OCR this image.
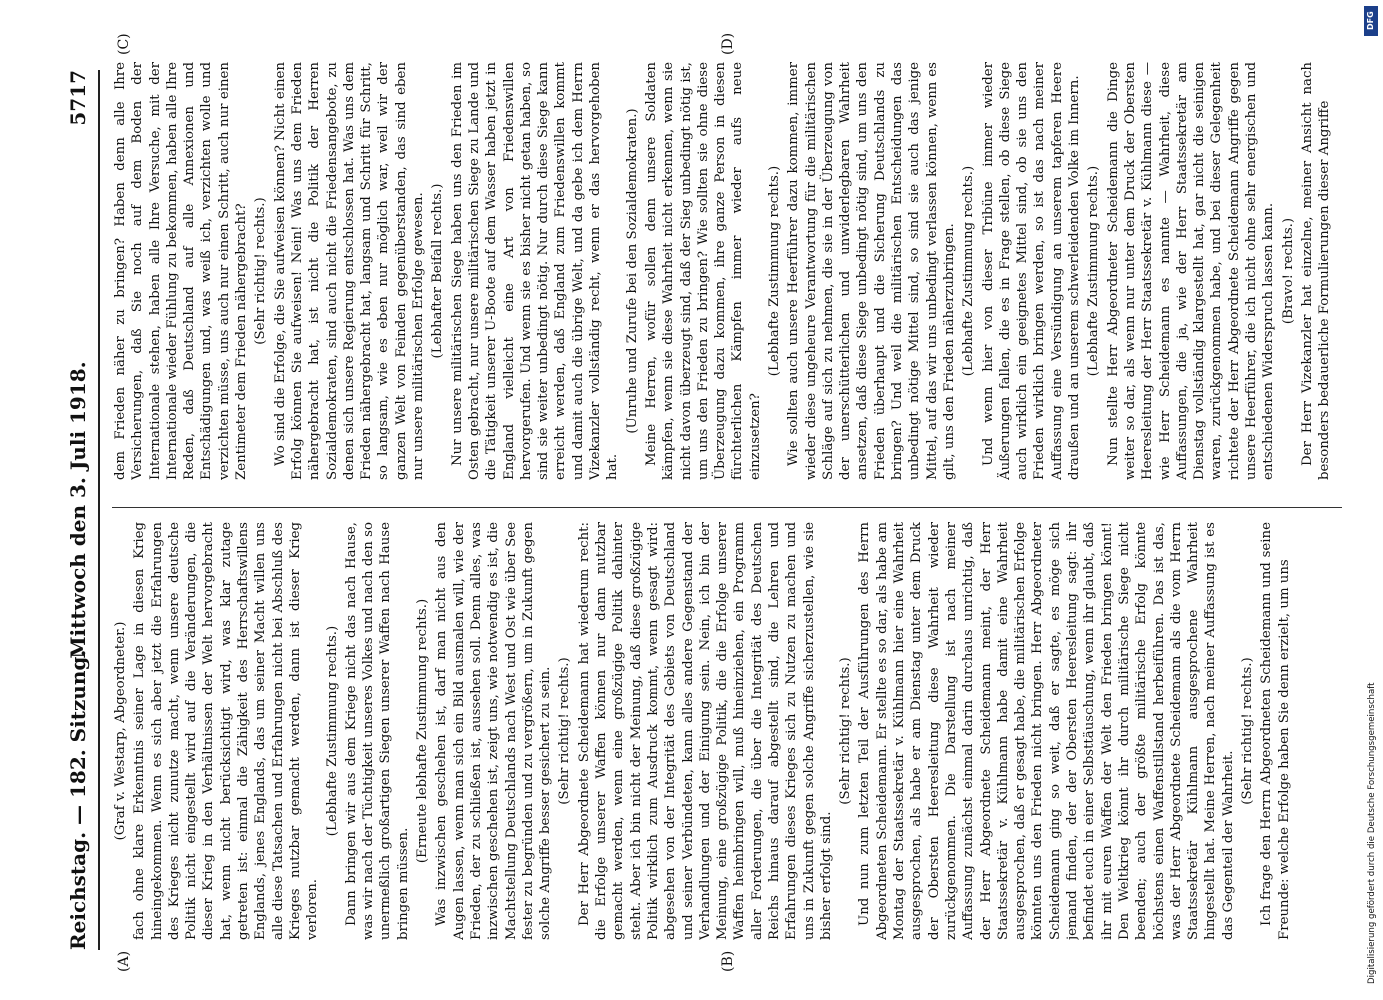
Reichstag. — 182. Sitzung.
Mittwoch den 3. Juli 1918.
5717
(A)	(B)
(C)	(D)

(Graf v. Westarp, Abgeordneter.) fach ohne klare Erkenntnis seiner Lage in diesen Krieg hineingekommen. Wenn es sich aber jetzt die Erfahrungen des Krieges nicht zunutze macht, wenn unsere deutsche Politik nicht eingestellt wird auf die Veränderungen, die dieser Krieg in den Verhältnissen der Welt hervorgebracht hat, wenn nicht berücksichtigt wird, was klar zutage getreten ist: einmal die Zähigkeit des Herrschaftswillens Englands, jenes Englands, das um seiner Macht willen uns alle diese Tatsachen und Erfahrungen nicht bei Abschluß des Krieges nutzbar gemacht werden, dann ist dieser Krieg verloren.

(Lebhafte Zustimmung rechts.) Dann bringen wir aus dem Kriege nicht das nach Hause, was wir nach der Tüchtigkeit unseres Volkes und nach den so unermeßlich großartigen Siegen unserer Waffen nach Hause bringen müssen.

(Erneute lebhafte Zustimmung rechts.) Was inzwischen geschehen ist, darf man nicht aus den Augen lassen, wenn man sich ein Bild ausmalen will, wie der Frieden, der zu schließen ist, aussehen soll. Denn alles, was inzwischen geschehen ist, zeigt uns, wie notwendig es ist, die Machtstellung Deutschlands nach West und Ost wie über See fester zu begründen und zu vergrößern, um in Zukunft gegen solche Angriffe besser gesichert zu sein. (Sehr richtig! rechts.) Der Herr Abgeordnete Scheidemann hat wiederum recht: die Erfolge unserer Waffen können nur dann nutzbar gemacht werden, wenn eine großzügige Politik dahinter steht. Aber ich bin nicht der Meinung, daß diese großzügige Politik wirklich zum Ausdruck kommt, wenn gesagt wird: abgesehen von der Integrität des Gebiets von Deutschland und seiner Verbündeten, kann alles andere Gegenstand der Verhandlungen und der Einigung sein. Nein, ich bin der Meinung, eine großzügige Politik, die die Erfolge unserer Waffen heimbringen will, muß hineinziehen, ein Programm aller Forderungen, die über die Integrität des Deutschen Reichs hinaus darauf abgestellt sind, die Lehren und Erfahrungen dieses Krieges sich zu Nutzen zu machen und uns in Zukunft gegen solche Angriffe sicherzustellen, wie sie bisher erfolgt sind.

(Sehr richtig! rechts.) Und nun zum letzten Teil der Ausführungen des Herrn Abgeordneten Scheidemann. Er stellte es so dar, als habe am Montag der Staatssekretär v. Kühlmann hier eine Wahrheit ausgesprochen, als habe er am Dienstag unter dem Druck der Obersten Heeresleitung diese Wahrheit wieder zurückgenommen. Die Darstellung ist nach meiner Auffassung zunächst einmal darin durchaus unrichtig, daß der Herr Abgeordnete Scheidemann meint, der Herr Staatssekretär v. Kühlmann habe damit eine Wahrheit ausgesprochen, daß er gesagt habe, die militärischen Erfolge könnten uns den Frieden nicht bringen. Herr Abgeordneter Scheidemann ging so weit, daß er sagte, es möge sich jemand finden, der der Obersten Heeresleitung sagt: ihr befindet euch in einer Selbsttäuschung, wenn ihr glaubt, daß ihr mit euren Waffen der Welt den Frieden bringen könnt! Den Weltkrieg könnt ihr durch militärische Siege nicht beenden; auch der größte militärische Erfolg könnte höchstens einen Waffenstillstand herbeiführen. Das ist das, was der Herr Abgeordnete Scheidemann als die vom Herrn Staatssekretär Kühlmann ausgesprochene Wahrheit hingestellt hat. Meine Herren, nach meiner Auffassung ist es das Gegenteil der Wahrheit.

(Sehr richtig! rechts.) Ich frage den Herrn Abgeordneten Scheidemann und seine Freunde: welche Erfolge haben Sie denn erzielt, um uns

dem Frieden näher zu bringen? Haben denn alle Ihre Versicherungen, daß Sie noch auf dem Boden der Internationale stehen, haben alle Ihre Versuche, mit der Internationale wieder Fühlung zu bekommen, haben alle Ihre Reden, daß Deutschland auf alle Annexionen und Entschädigungen und, was weiß ich, verzichten wolle und verzichten müsse, uns auch nur einen Schritt, auch nur einen Zentimeter dem Frieden nähergebracht? (Sehr richtig! rechts.) Wo sind die Erfolge, die Sie aufweisen können? Nicht einen Erfolg können Sie aufweisen! Nein! Was uns dem Frieden nähergebracht hat, ist nicht die Politik der Herren Sozialdemokraten, sind auch nicht die Friedensangebote, zu denen sich unsere Regierung entschlossen hat. Was uns dem Frieden nähergebracht hat, langsam und Schritt für Schritt, so langsam, wie es eben nur möglich war, weil wir der ganzen Welt von Feinden gegenüberstanden, das sind eben nur unsere militärischen Erfolge gewesen. (Lebhafter Beifall rechts.) Nur unsere militärischen Siege haben uns den Frieden im Osten gebracht, nur unsere militärischen Siege zu Lande und die Tätigkeit unserer U-Boote auf dem Wasser haben jetzt in England vielleicht eine Art von Friedenswillen hervorgerufen. Und wenn sie es bisher nicht getan haben, so sind sie weiter unbedingt nötig. Nur durch diese Siege kann erreicht werden, daß England zum Friedenswillen kommt und damit auch die übrige Welt, und da gebe ich dem Herrn Vizekanzler vollständig recht, wenn er das hervorgehoben hat.

(Unruhe und Zurufe bei den Sozialdemokraten.) Meine Herren, wofür sollen denn unsere Soldaten kämpfen, wenn sie diese Wahrheit nicht erkennen, wenn sie nicht davon überzeugt sind, daß der Sieg unbedingt nötig ist, um uns den Frieden zu bringen? Wie sollten sie ohne diese Überzeugung dazu kommen, ihre ganze Person in diesen fürchterlichen Kämpfen immer wieder aufs neue einzusetzen?

(Lebhafte Zustimmung rechts.) Wie sollten auch unsere Heerführer dazu kommen, immer wieder diese ungeheure Verantwortung für die militärischen Schläge auf sich zu nehmen, die sie in der Überzeugung von der unerschütterlichen und unwiderlegbaren Wahrheit ansetzen, daß diese Siege unbedingt nötig sind, um uns den Frieden überhaupt und die Sicherung Deutschlands zu bringen? Und weil die militärischen Entscheidungen das unbedingt nötige Mittel sind, so sind sie auch das jenige Mittel, auf das wir uns unbedingt verlassen können, wenn es gilt, uns den Frieden näherzubringen. (Lebhafte Zustimmung rechts.) Und wenn hier von dieser Tribüne immer wieder Äußerungen fallen, die es in Frage stellen, ob diese Siege auch wirklich ein geeignetes Mittel sind, ob sie uns den Frieden wirklich bringen werden, so ist das nach meiner Auffassung eine Versündigung an unserem tapferen Heere draußen und an unserem schwerleidenden Volke im Innern. (Lebhafte Zustimmung rechts.) Nun stellte Herr Abgeordneter Scheidemann die Dinge weiter so dar, als wenn nur unter dem Druck der Obersten Heeresleitung der Herr Staatssekretär v. Kühlmann diese — wie Herr Scheidemann es nannte — Wahrheit, diese Auffassungen, die ja, wie der Herr Staatssekretär am Dienstag vollständig klargestellt hat, gar nicht die seinigen waren, zurückgenommen habe, und bei dieser Gelegenheit richtete der Herr Abgeordnete Scheidemann Angriffe gegen unsere Heerführer, die ich nicht ohne sehr energischen und entschiedenen Widerspruch lassen kann. (Bravo! rechts.) Der Herr Vizekanzler hat einzelne, meiner Ansicht nach besonders bedauerliche Formulierungen dieser Angriffe

DFG
Digitalisierung gefördert durch die Deutsche Forschungsgemeinschaft
